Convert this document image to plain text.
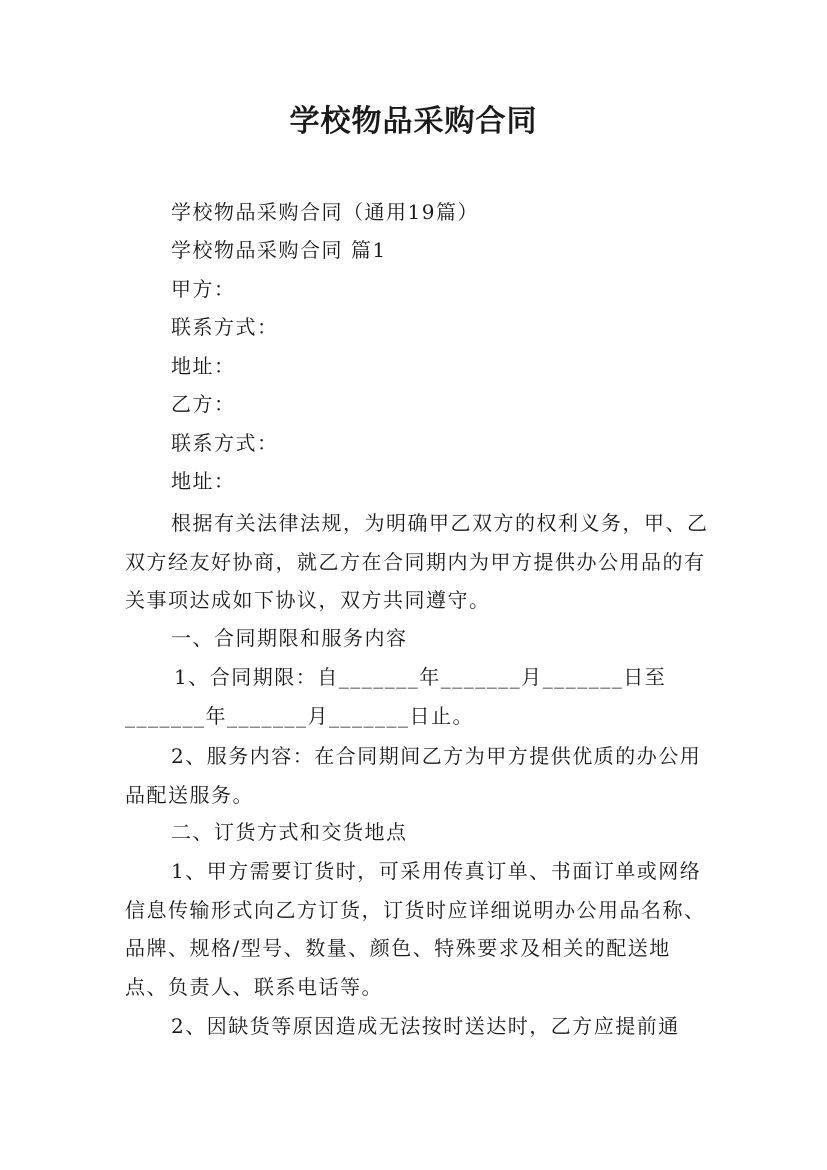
学校物品采购合同
学校物品采购合同（通用19篇）
学校物品采购合同 篇1
甲方：
联系方式：
地址：
乙方：
联系方式：
地址：
根据有关法律法规，为明确甲乙双方的权利义务，甲、乙双方经友好协商，就乙方在合同期内为甲方提供办公用品的有关事项达成如下协议，双方共同遵守。
一、合同期限和服务内容
1、合同期限：自_______年_______月_______日至
_______年_______月_______日止。
2、服务内容：在合同期间乙方为甲方提供优质的办公用品配送服务。
二、订货方式和交货地点
1、甲方需要订货时，可采用传真订单、书面订单或网络信息传输形式向乙方订货，订货时应详细说明办公用品名称、品牌、规格/型号、数量、颜色、特殊要求及相关的配送地点、负责人、联系电话等。
2、因缺货等原因造成无法按时送达时，乙方应提前通
